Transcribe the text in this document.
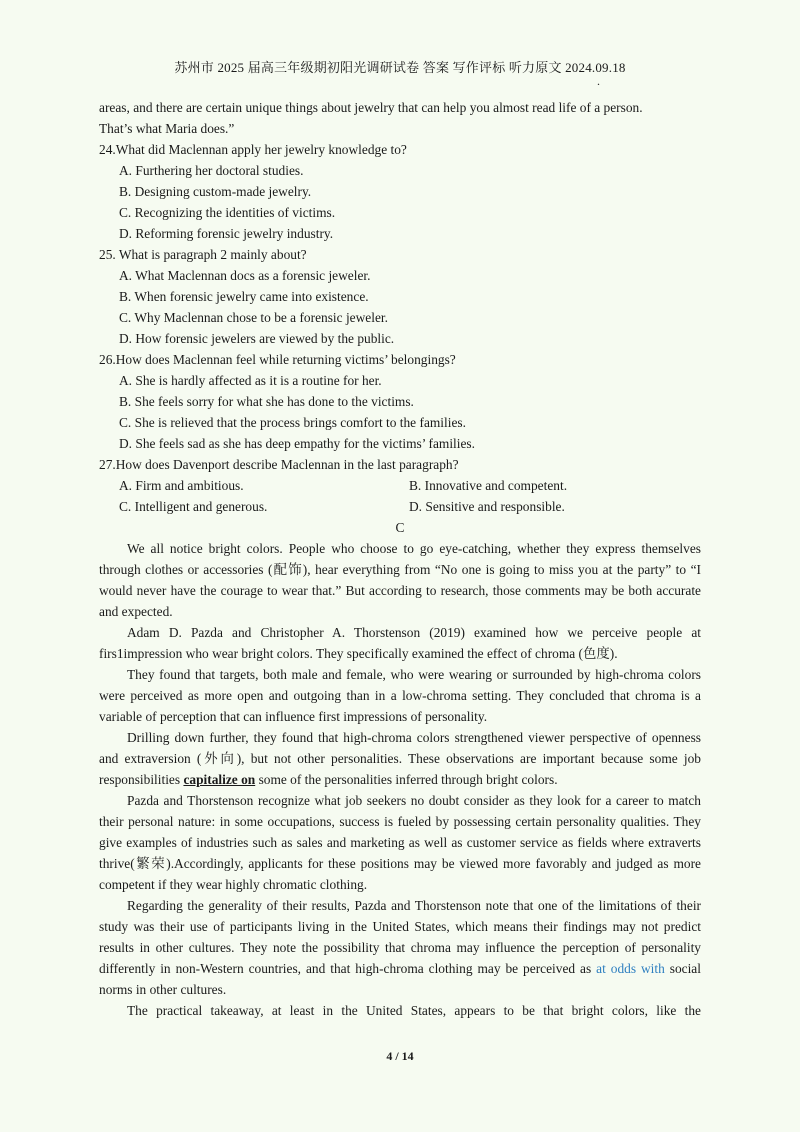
苏州市 2025 届高三年级期初阳光调研试卷 答案 写作评标 听力原文 2024.09.18
.

areas, and there are certain unique things about jewelry that can help you almost read life of a person.

That’s what Maria does.”

24.What did Maclennan apply her jewelry knowledge to?

A. Furthering her doctoral studies.

B. Designing custom-made jewelry.

C. Recognizing the identities of victims.

D. Reforming forensic jewelry industry.

25. What is paragraph 2 mainly about?

A. What Maclennan docs as a forensic jeweler.

B. When forensic jewelry came into existence.

C. Why Maclennan chose to be a forensic jeweler.

D. How forensic jewelers are viewed by the public.

26.How does Maclennan feel while returning victims’ belongings?

A. She is hardly affected as it is a routine for her.

B. She feels sorry for what she has done to the victims.

C. She is relieved that the process brings comfort to the families.

D. She feels sad as she has deep empathy for the victims’ families.

27.How does Davenport describe Maclennan in the last paragraph?

A. Firm and ambitious.	B. Innovative and competent.
C. Intelligent and generous.	D. Sensitive and responsible.

C

We all notice bright colors. People who choose to go eye-catching, whether they express themselves through clothes or accessories (配饰), hear everything from “No one is going to miss you at the party” to “I would never have the courage to wear that.” But according to research, those comments may be both accurate and expected.

Adam D. Pazda and Christopher A. Thorstenson (2019) examined how we perceive people at firs1impression who wear bright colors. They specifically examined the effect of chroma (色度).

They found that targets, both male and female, who were wearing or surrounded by high-chroma colors were perceived as more open and outgoing than in a low-chroma setting. They concluded that chroma is a variable of perception that can influence first impressions of personality.

Drilling down further, they found that high-chroma colors strengthened viewer perspective of openness and extraversion (外向), but not other personalities. These observations are important because some job responsibilities capitalize on some of the personalities inferred through bright colors.

Pazda and Thorstenson recognize what job seekers no doubt consider as they look for a career to match their personal nature: in some occupations, success is fueled by possessing certain personality qualities. They give examples of industries such as sales and marketing as well as customer service as fields where extraverts thrive(繁荣).Accordingly, applicants for these positions may be viewed more favorably and judged as more competent if they wear highly chromatic clothing.

Regarding the generality of their results, Pazda and Thorstenson note that one of the limitations of their study was their use of participants living in the United States, which means their findings may not predict results in other cultures. They note the possibility that chroma may influence the perception of personality differently in non-Western countries, and that high-chroma clothing may be perceived as at odds with social norms in other cultures.

The practical takeaway, at least in the United States, appears to be that bright colors, like the

4 / 14
